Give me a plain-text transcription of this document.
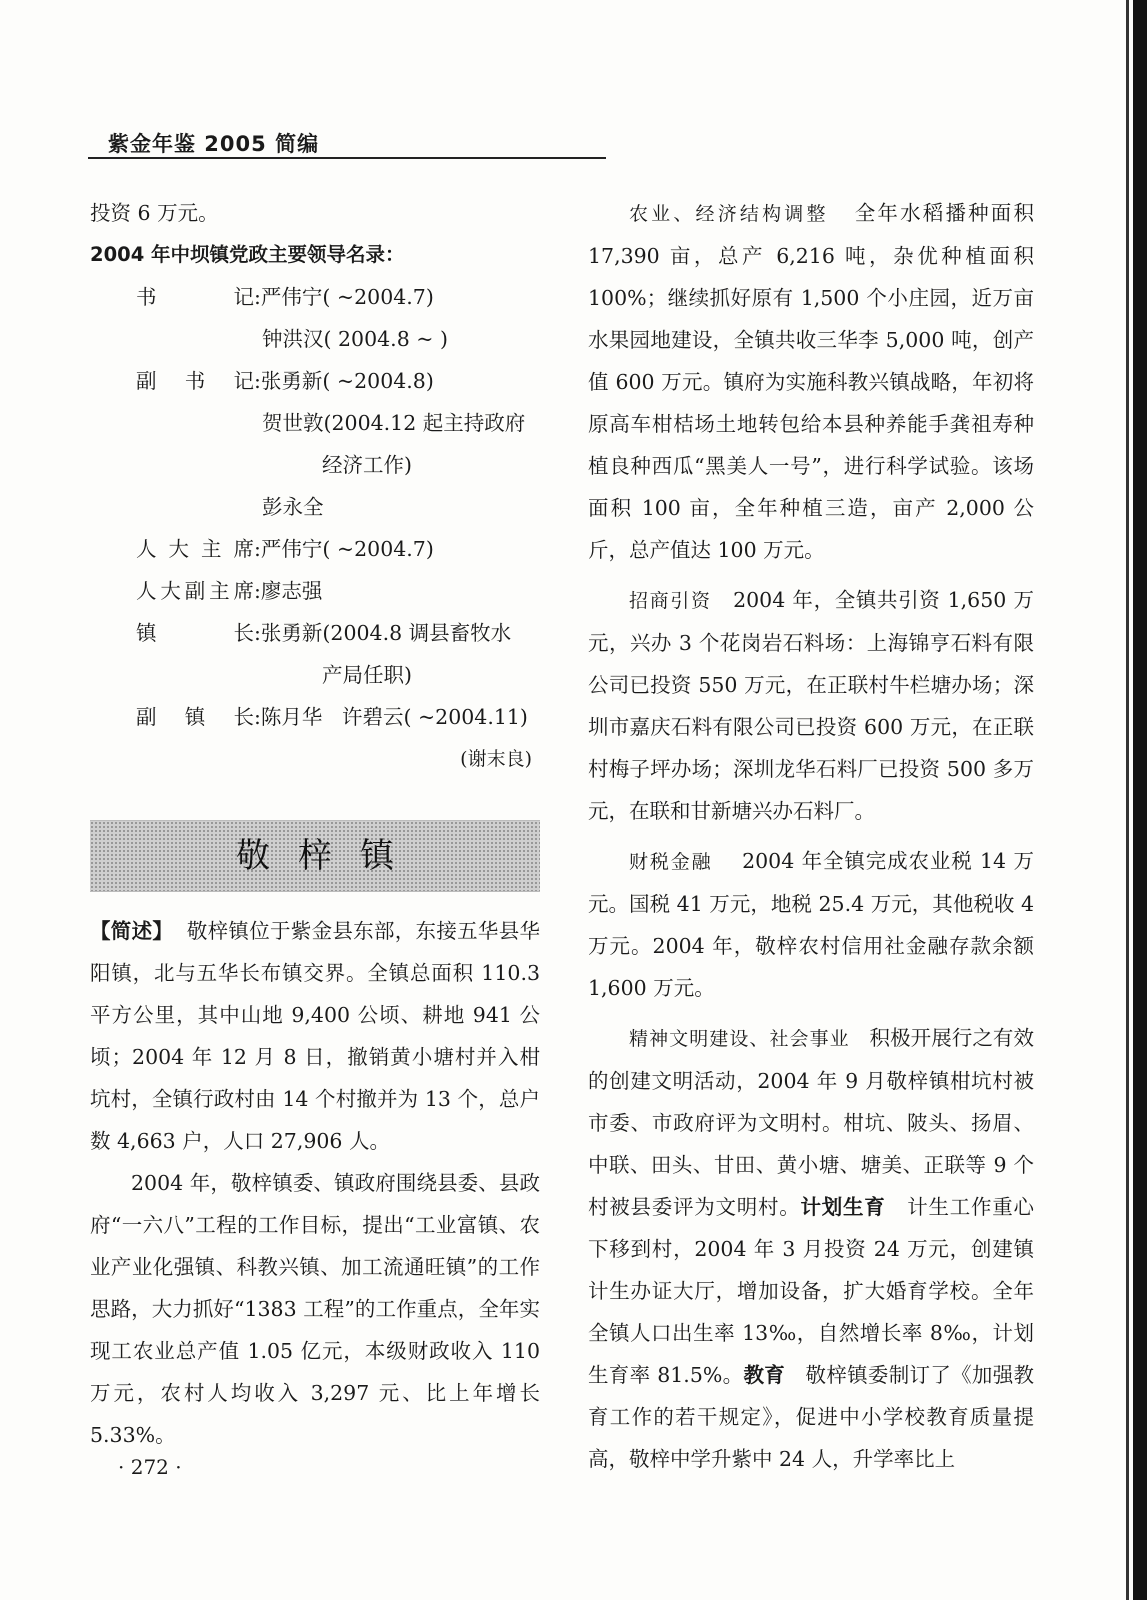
紫金年鉴 2005 简编

投资 6 万元。

2004 年中坝镇党政主要领导名录：

书	记 : 严伟宁( ~2004.7)

钟洪汉( 2004.8 ~ )

副 书 记 : 张勇新( ~2004.8)

贺世敦(2004.12 起主持政府

经济工作)

彭永全

人 大 主 席 : 严伟宁( ~2004.7)
人 大 副 主 席 : 廖志强
镇	长 : 张勇新(2004.8 调县畜牧水

产局任职)

副 镇 长 : 陈月华   许碧云( ~2004.11)

(谢末良)

敬梓镇

【简述】 敬梓镇位于紫金县东部，东接五华县华阳镇，北与五华长布镇交界。全镇总面积 110.3 平方公里，其中山地 9,400 公顷、耕地 941 公顷；2004 年 12 月 8 日，撤销黄小塘村并入柑坑村，全镇行政村由 14 个村撤并为 13 个，总户数 4,663 户，人口 27,906 人。

2004 年，敬梓镇委、镇政府围绕县委、县政府“一六八”工程的工作目标，提出“工业富镇、农业产业化强镇、科教兴镇、加工流通旺镇”的工作思路，大力抓好“1383 工程”的工作重点，全年实现工农业总产值 1.05 亿元，本级财政收入 110 万元，农村人均收入 3,297 元、比上年增长 5.33%。

农业、经济结构调整 全年水稻播种面积 17,390 亩，总产 6,216 吨，杂优种植面积 100%；继续抓好原有 1,500 个小庄园，近万亩水果园地建设，全镇共收三华李 5,000 吨，创产值 600 万元。镇府为实施科教兴镇战略，年初将原高车柑桔场土地转包给本县种养能手龚祖寿种植良种西瓜“黑美人一号”，进行科学试验。该场面积 100 亩，全年种植三造，亩产 2,000 公斤，总产值达 100 万元。

招商引资 2004 年，全镇共引资 1,650 万元，兴办 3 个花岗岩石料场：上海锦亨石料有限公司已投资 550 万元，在正联村牛栏塘办场；深圳市嘉庆石料有限公司已投资 600 万元，在正联村梅子坪办场；深圳龙华石料厂已投资 500 多万元，在联和甘新塘兴办石料厂。

财税金融 2004 年全镇完成农业税 14 万元。国税 41 万元，地税 25.4 万元，其他税收 4 万元。2004 年，敬梓农村信用社金融存款余额 1,600 万元。

精神文明建设、社会事业 积极开展行之有效的创建文明活动，2004 年 9 月敬梓镇柑坑村被市委、市政府评为文明村。柑坑、陂头、扬眉、中联、田头、甘田、黄小塘、塘美、正联等 9 个村被县委评为文明村。计划生育 计生工作重心下移到村，2004 年 3 月投资 24 万元，创建镇计生办证大厅，增加设备，扩大婚育学校。全年全镇人口出生率 13‰，自然增长率 8‰，计划生育率 81.5%。教育 敬梓镇委制订了《加强教育工作的若干规定》，促进中小学校教育质量提高，敬梓中学升紫中 24 人，升学率比上

· 272 ·
